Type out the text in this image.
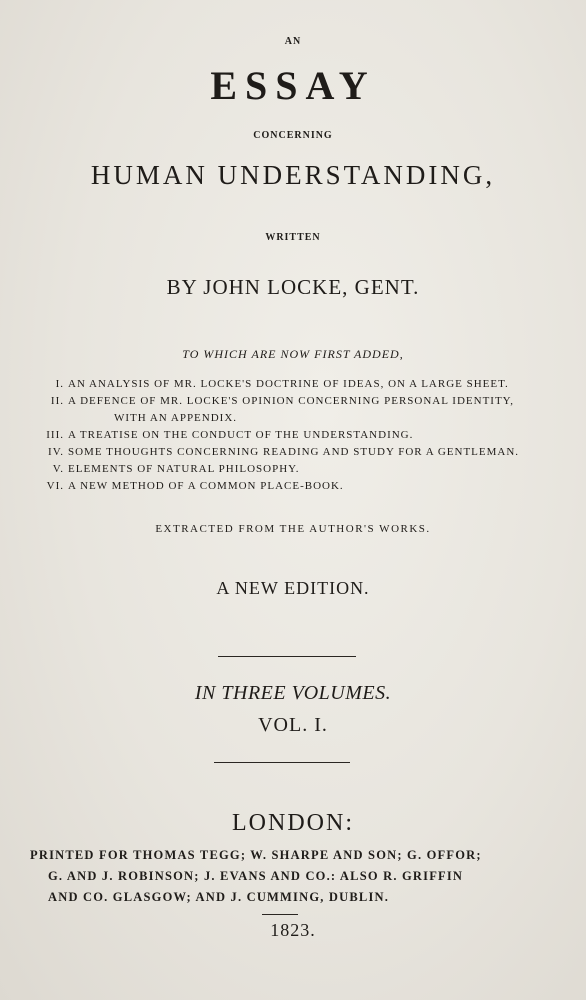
AN
ESSAY
CONCERNING
HUMAN UNDERSTANDING,
WRITTEN
BY JOHN LOCKE, GENT.
TO WHICH ARE NOW FIRST ADDED,
I. AN ANALYSIS OF MR. LOCKE'S DOCTRINE OF IDEAS, ON A LARGE SHEET.
II. A DEFENCE OF MR. LOCKE'S OPINION CONCERNING PERSONAL IDENTITY,
WITH AN APPENDIX.
III. A TREATISE ON THE CONDUCT OF THE UNDERSTANDING.
IV. SOME THOUGHTS CONCERNING READING AND STUDY FOR A GENTLEMAN.
V. ELEMENTS OF NATURAL PHILOSOPHY.
VI. A NEW METHOD OF A COMMON PLACE-BOOK.
EXTRACTED FROM THE AUTHOR'S WORKS.
A NEW EDITION.
IN THREE VOLUMES.
VOL. I.
LONDON:
PRINTED FOR THOMAS TEGG; W. SHARPE AND SON; G. OFFOR;
G. AND J. ROBINSON; J. EVANS AND CO.: ALSO R. GRIFFIN
AND CO. GLASGOW; AND J. CUMMING, DUBLIN.
1823.
